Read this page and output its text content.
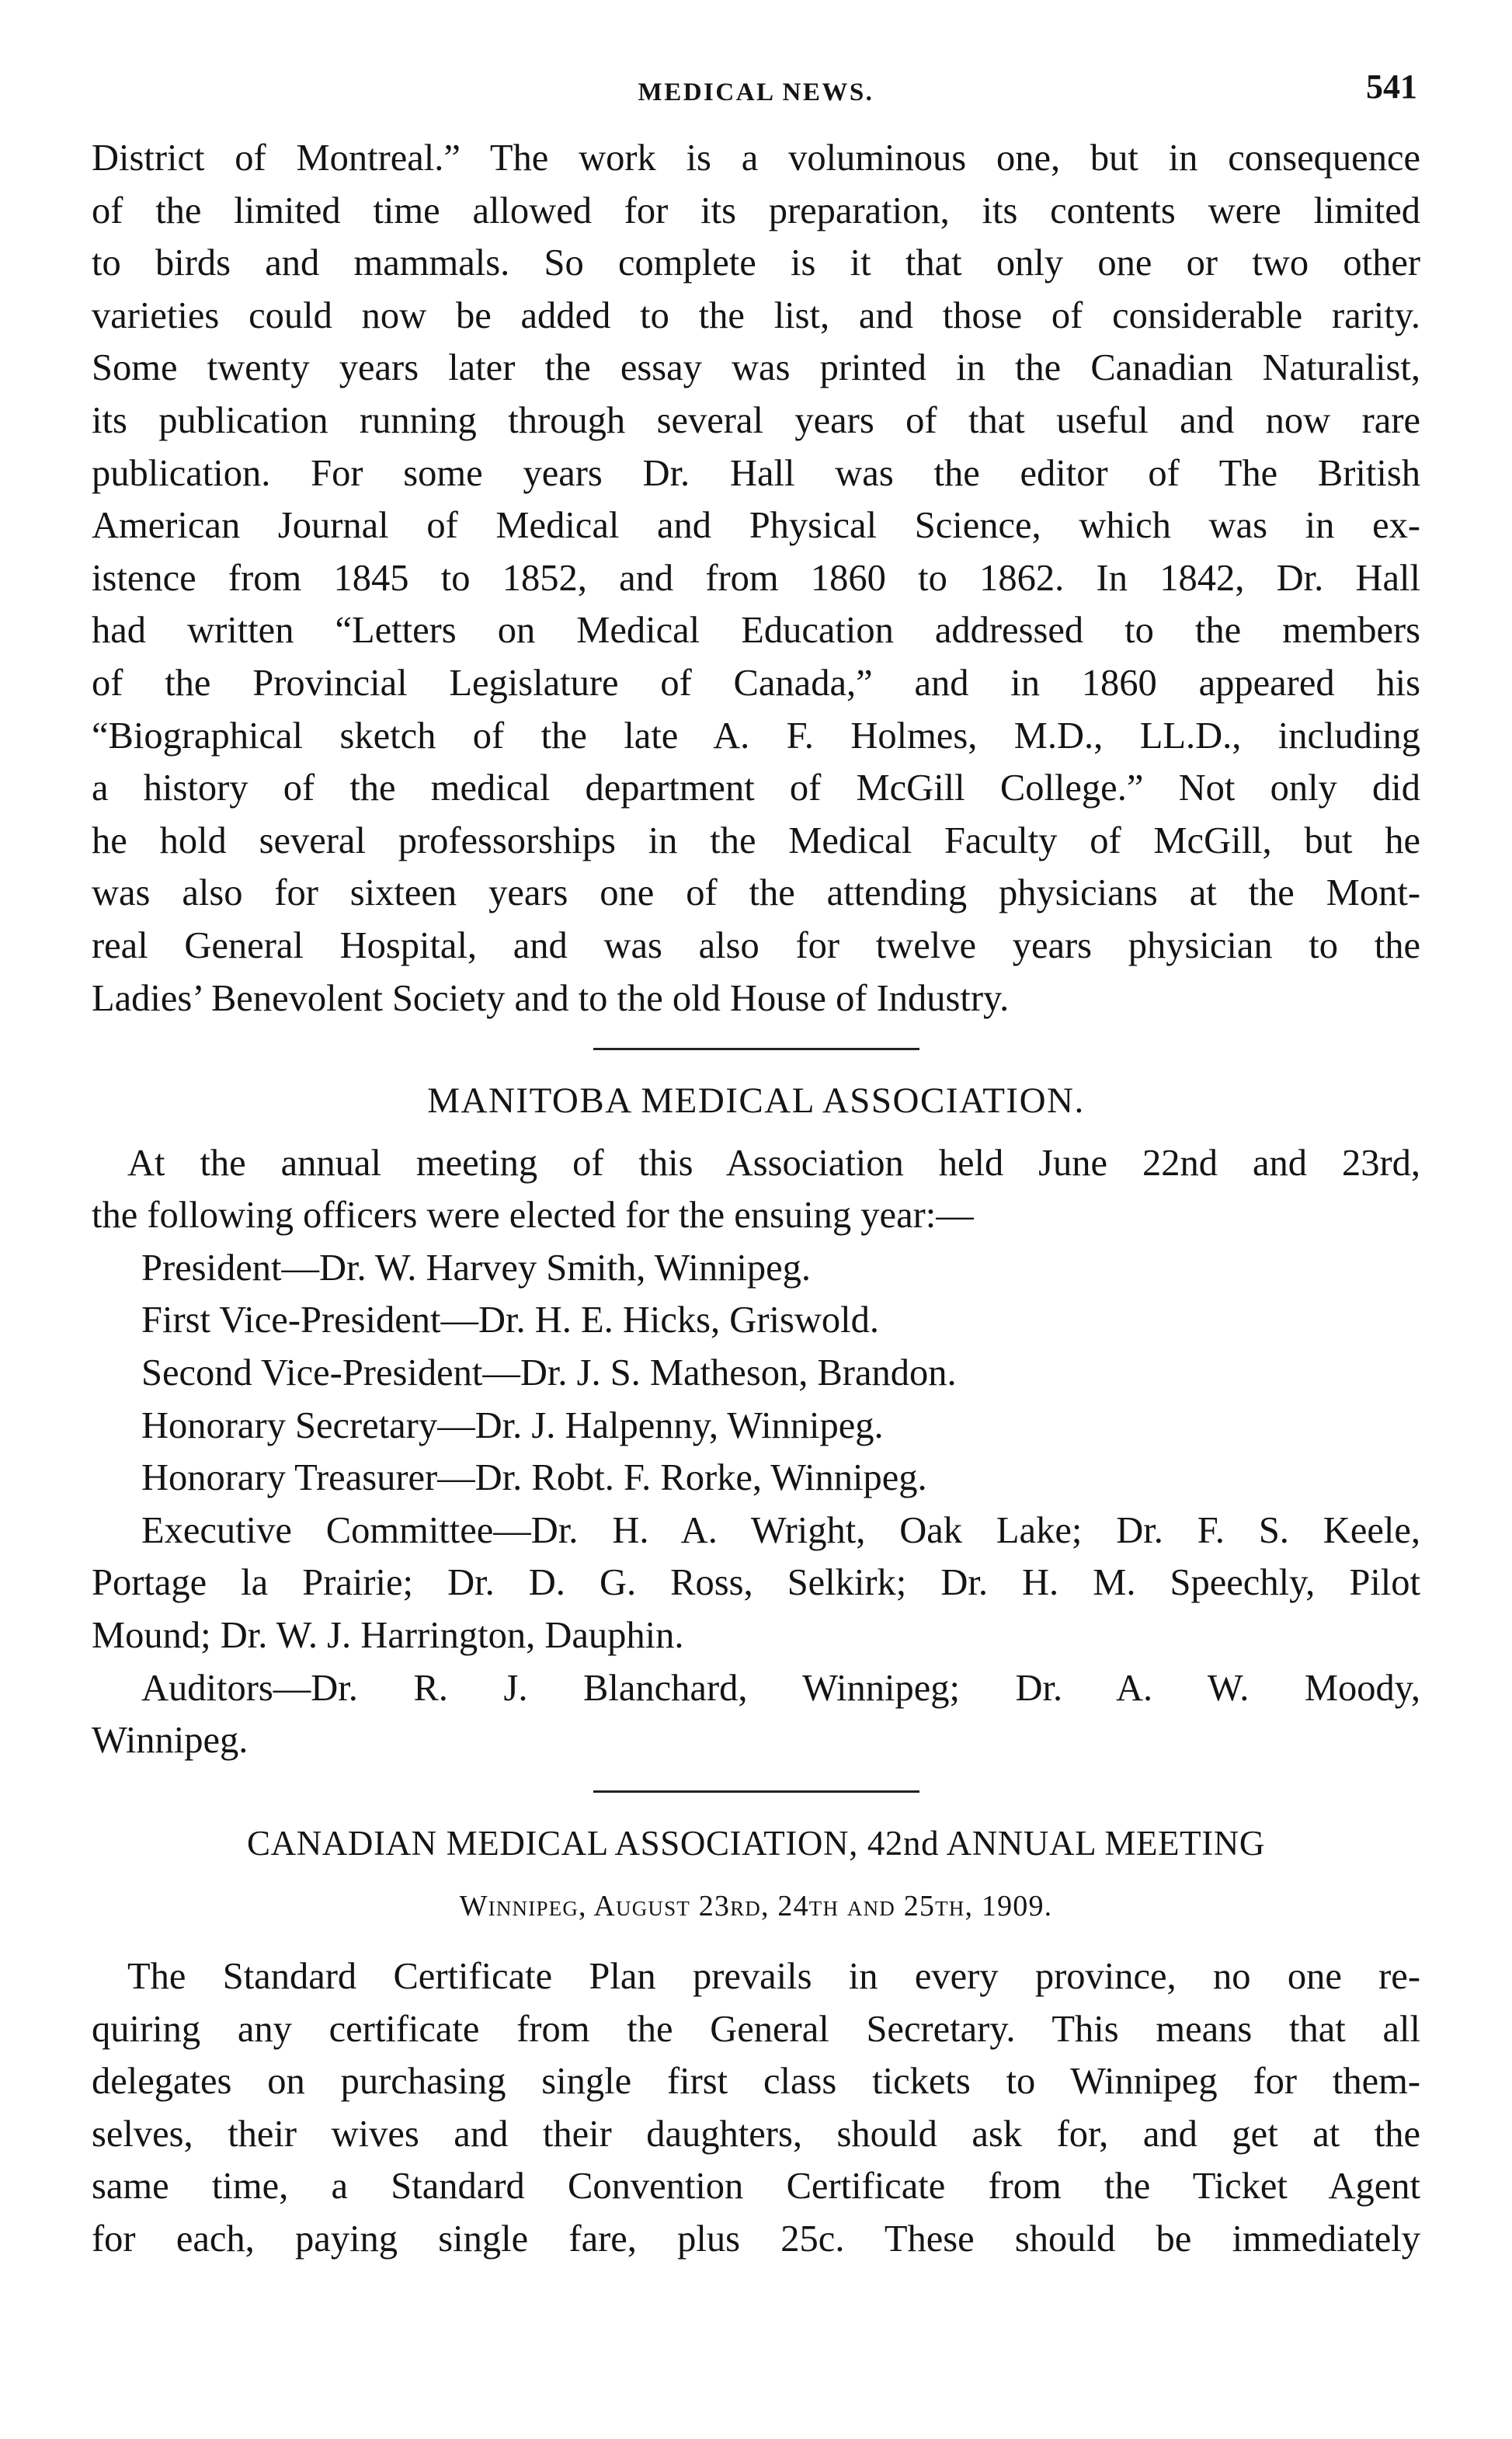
MEDICAL NEWS.	541
District of Montreal.” The work is a voluminous one, but in consequence
of the limited time allowed for its preparation, its contents were limited
to birds and mammals. So complete is it that only one or two other
varieties could now be added to the list, and those of considerable rarity.
Some twenty years later the essay was printed in the Canadian Naturalist,
its publication running through several years of that useful and now rare
publication. For some years Dr. Hall was the editor of The British
American Journal of Medical and Physical Science, which was in ex-
istence from 1845 to 1852, and from 1860 to 1862. In 1842, Dr. Hall
had written “Letters on Medical Education addressed to the members
of the Provincial Legislature of Canada,” and in 1860 appeared his
“Biographical sketch of the late A. F. Holmes, M.D., LL.D., including
a history of the medical department of McGill College.” Not only did
he hold several professorships in the Medical Faculty of McGill, but he
was also for sixteen years one of the attending physicians at the Mont-
real General Hospital, and was also for twelve years physician to the
Ladies’ Benevolent Society and to the old House of Industry.
MANITOBA MEDICAL ASSOCIATION.
At the annual meeting of this Association held June 22nd and 23rd,
the following officers were elected for the ensuing year:—
President—Dr. W. Harvey Smith, Winnipeg.
First Vice-President—Dr. H. E. Hicks, Griswold.
Second Vice-President—Dr. J. S. Matheson, Brandon.
Honorary Secretary—Dr. J. Halpenny, Winnipeg.
Honorary Treasurer—Dr. Robt. F. Rorke, Winnipeg.
Executive Committee—Dr. H. A. Wright, Oak Lake; Dr. F. S. Keele,
Portage la Prairie; Dr. D. G. Ross, Selkirk; Dr. H. M. Speechly, Pilot
Mound; Dr. W. J. Harrington, Dauphin.
Auditors—Dr. R. J. Blanchard, Winnipeg; Dr. A. W. Moody,
Winnipeg.
CANADIAN MEDICAL ASSOCIATION, 42nd ANNUAL MEETING
Winnipeg, August 23rd, 24th and 25th, 1909.
The Standard Certificate Plan prevails in every province, no one re-
quiring any certificate from the General Secretary. This means that all
delegates on purchasing single first class tickets to Winnipeg for them-
selves, their wives and their daughters, should ask for, and get at the
same time, a Standard Convention Certificate from the Ticket Agent
for each, paying single fare, plus 25c. These should be immediately
